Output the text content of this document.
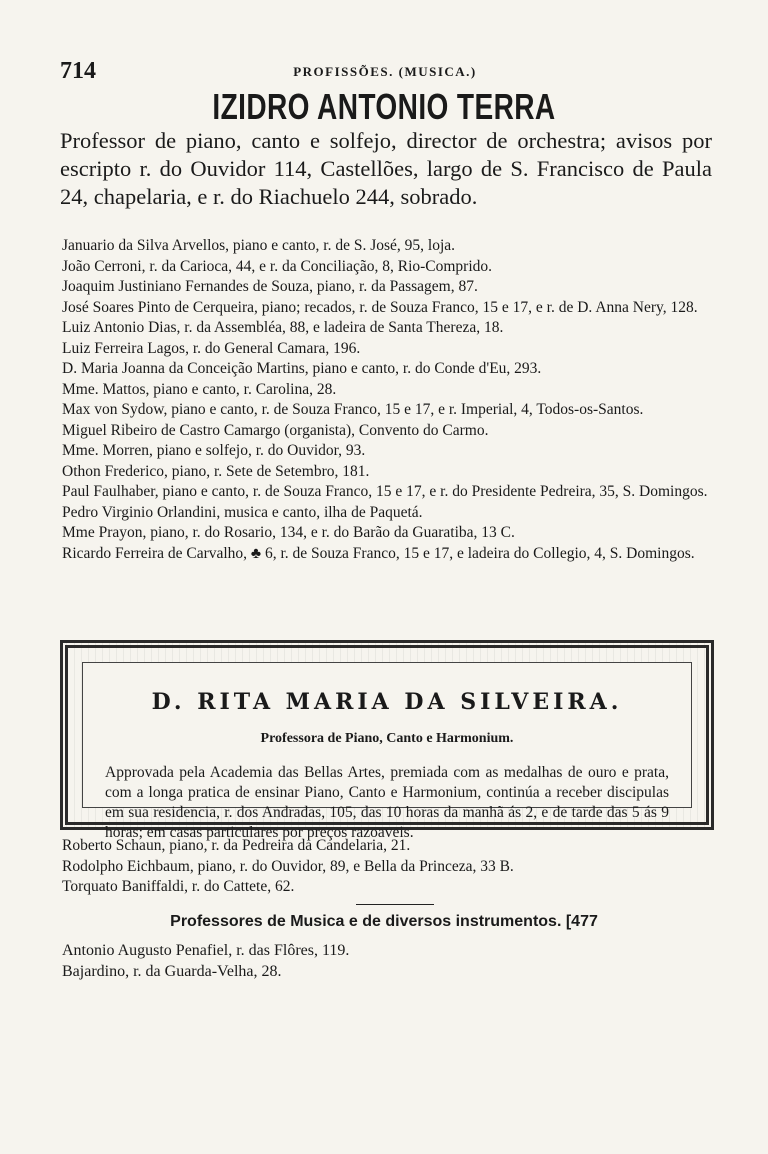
714	PROFISSÕES. (MUSICA.)
IZIDRO ANTONIO TERRA
Professor de piano, canto e solfejo, director de orchestra; avisos por escripto r. do Ouvidor 114, Castellões, largo de S. Francisco de Paula 24, chapelaria, e r. do Riachuelo 244, sobrado.

Januario da Silva Arvellos, piano e canto, r. de S. José, 95, loja.

João Cerroni, r. da Carioca, 44, e r. da Conciliação, 8, Rio-Comprido.

Joaquim Justiniano Fernandes de Souza, piano, r. da Passagem, 87.

José Soares Pinto de Cerqueira, piano; recados, r. de Souza Franco, 15 e 17, e r. de D. Anna Nery, 128.

Luiz Antonio Dias, r. da Assembléa, 88, e ladeira de Santa Thereza, 18.

Luiz Ferreira Lagos, r. do General Camara, 196.

D. Maria Joanna da Conceição Martins, piano e canto, r. do Conde d'Eu, 293.

Mme. Mattos, piano e canto, r. Carolina, 28.

Max von Sydow, piano e canto, r. de Souza Franco, 15 e 17, e r. Imperial, 4, Todos-os-Santos.

Miguel Ribeiro de Castro Camargo (organista), Convento do Carmo.

Mme. Morren, piano e solfejo, r. do Ouvidor, 93.

Othon Frederico, piano, r. Sete de Setembro, 181.

Paul Faulhaber, piano e canto, r. de Souza Franco, 15 e 17, e r. do Presidente Pedreira, 35, S. Domingos.

Pedro Virginio Orlandini, musica e canto, ilha de Paquetá.

Mme Prayon, piano, r. do Rosario, 134, e r. do Barão da Guaratiba, 13 C.

Ricardo Ferreira de Carvalho, ♣ 6, r. de Souza Franco, 15 e 17, e ladeira do Collegio, 4, S. Domingos.

D. RITA MARIA DA SILVEIRA.
Professora de Piano, Canto e Harmonium.
Approvada pela Academia das Bellas Artes, premiada com as medalhas de ouro e prata, com a longa pratica de ensinar Piano, Canto e Harmonium, continúa a receber discipulas em sua residencia, r. dos Andradas, 105, das 10 horas da manhã ás 2, e de tarde das 5 ás 9 horas; em casas particulares por preços razoaveis.

Roberto Schaun, piano, r. da Pedreira da Candelaria, 21.

Rodolpho Eichbaum, piano, r. do Ouvidor, 89, e Bella da Princeza, 33 B.

Torquato Baniffaldi, r. do Cattete, 62.

Professores de Musica e de diversos instrumentos. [477

Antonio Augusto Penafiel, r. das Flôres, 119.

Bajardino, r. da Guarda-Velha, 28.
